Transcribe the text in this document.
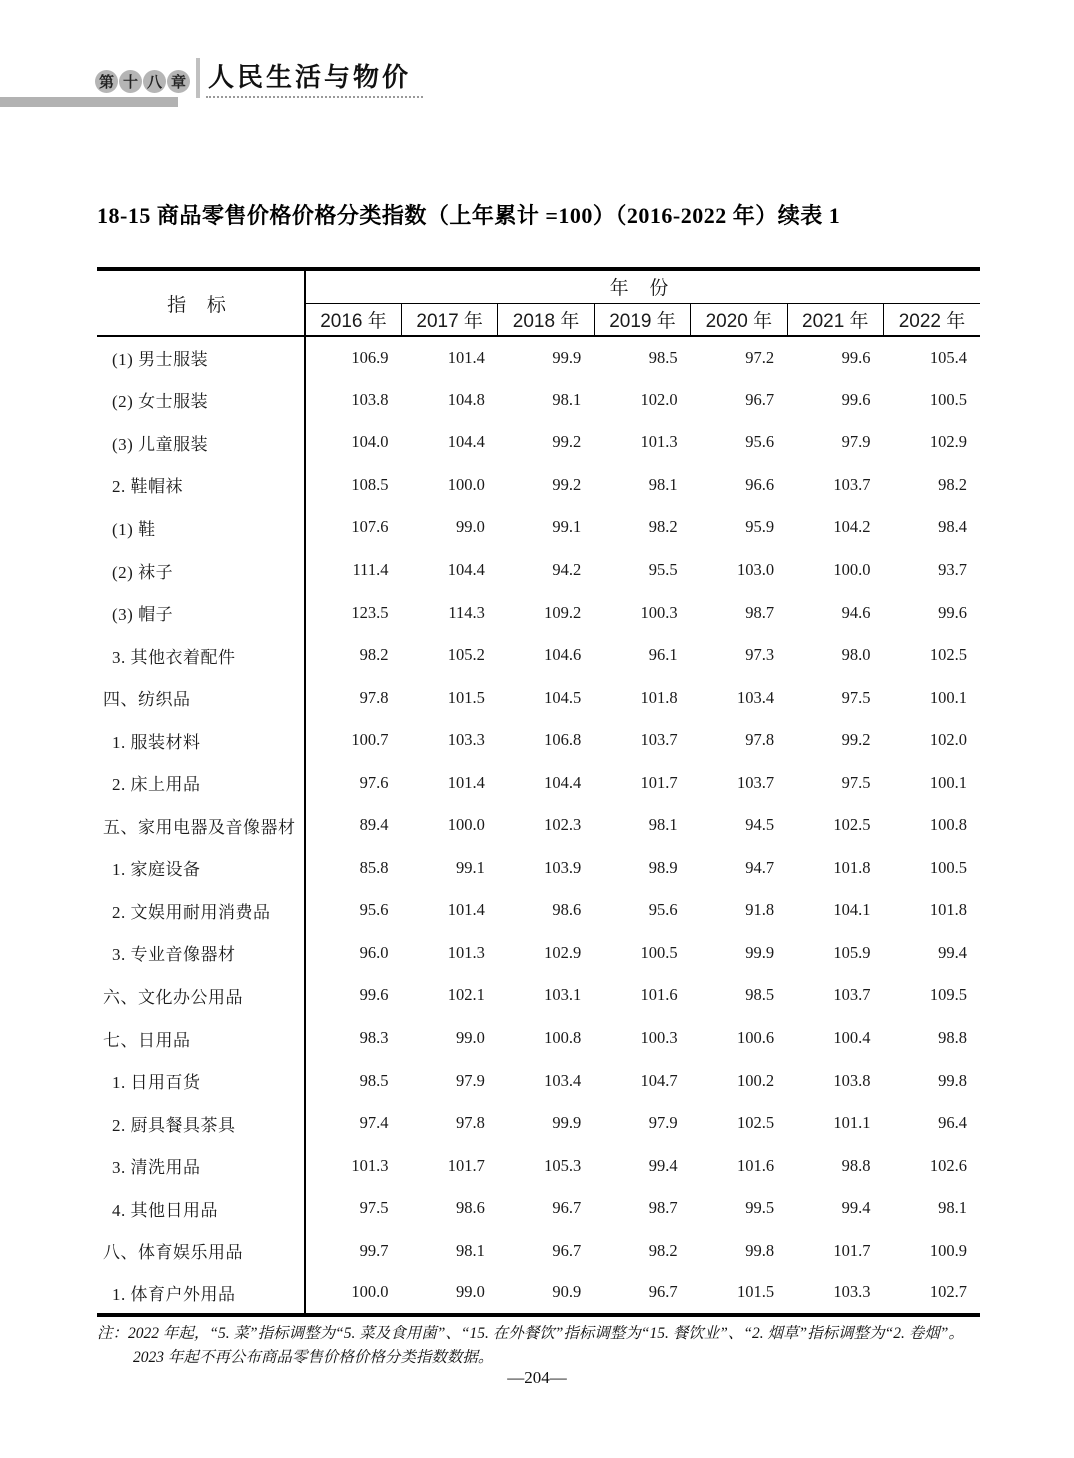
第 十 八 章 人民生活与物价
18-15 商品零售价格价格分类指数（上年累计 =100）（2016-2022 年）续表 1
指 标	年 份						
	2016 年	2017 年	2018 年	2019 年	2020 年	2021 年	2022 年
(1) 男士服装	106.9	101.4	99.9	98.5	97.2	99.6	105.4
(2) 女士服装	103.8	104.8	98.1	102.0	96.7	99.6	100.5
(3) 儿童服装	104.0	104.4	99.2	101.3	95.6	97.9	102.9
2. 鞋帽袜	108.5	100.0	99.2	98.1	96.6	103.7	98.2
(1) 鞋	107.6	99.0	99.1	98.2	95.9	104.2	98.4
(2) 袜子	111.4	104.4	94.2	95.5	103.0	100.0	93.7
(3) 帽子	123.5	114.3	109.2	100.3	98.7	94.6	99.6
3. 其他衣着配件	98.2	105.2	104.6	96.1	97.3	98.0	102.5
四、纺织品	97.8	101.5	104.5	101.8	103.4	97.5	100.1
1. 服装材料	100.7	103.3	106.8	103.7	97.8	99.2	102.0
2. 床上用品	97.6	101.4	104.4	101.7	103.7	97.5	100.1
五、家用电器及音像器材	89.4	100.0	102.3	98.1	94.5	102.5	100.8
1. 家庭设备	85.8	99.1	103.9	98.9	94.7	101.8	100.5
2. 文娱用耐用消费品	95.6	101.4	98.6	95.6	91.8	104.1	101.8
3. 专业音像器材	96.0	101.3	102.9	100.5	99.9	105.9	99.4
六、文化办公用品	99.6	102.1	103.1	101.6	98.5	103.7	109.5
七、日用品	98.3	99.0	100.8	100.3	100.6	100.4	98.8
1. 日用百货	98.5	97.9	103.4	104.7	100.2	103.8	99.8
2. 厨具餐具茶具	97.4	97.8	99.9	97.9	102.5	101.1	96.4
3. 清洗用品	101.3	101.7	105.3	99.4	101.6	98.8	102.6
4. 其他日用品	97.5	98.6	96.7	98.7	99.5	99.4	98.1
八、体育娱乐用品	99.7	98.1	96.7	98.2	99.8	101.7	100.9
1. 体育户外用品	100.0	99.0	90.9	96.7	101.5	103.3	102.7
注：2022 年起，“5. 菜”指标调整为“5. 菜及食用菌”、“15. 在外餐饮”指标调整为“15. 餐饮业”、“2. 烟草”指标调整为“2. 卷烟”。
2023 年起不再公布商品零售价格价格分类指数数据。
—204—
